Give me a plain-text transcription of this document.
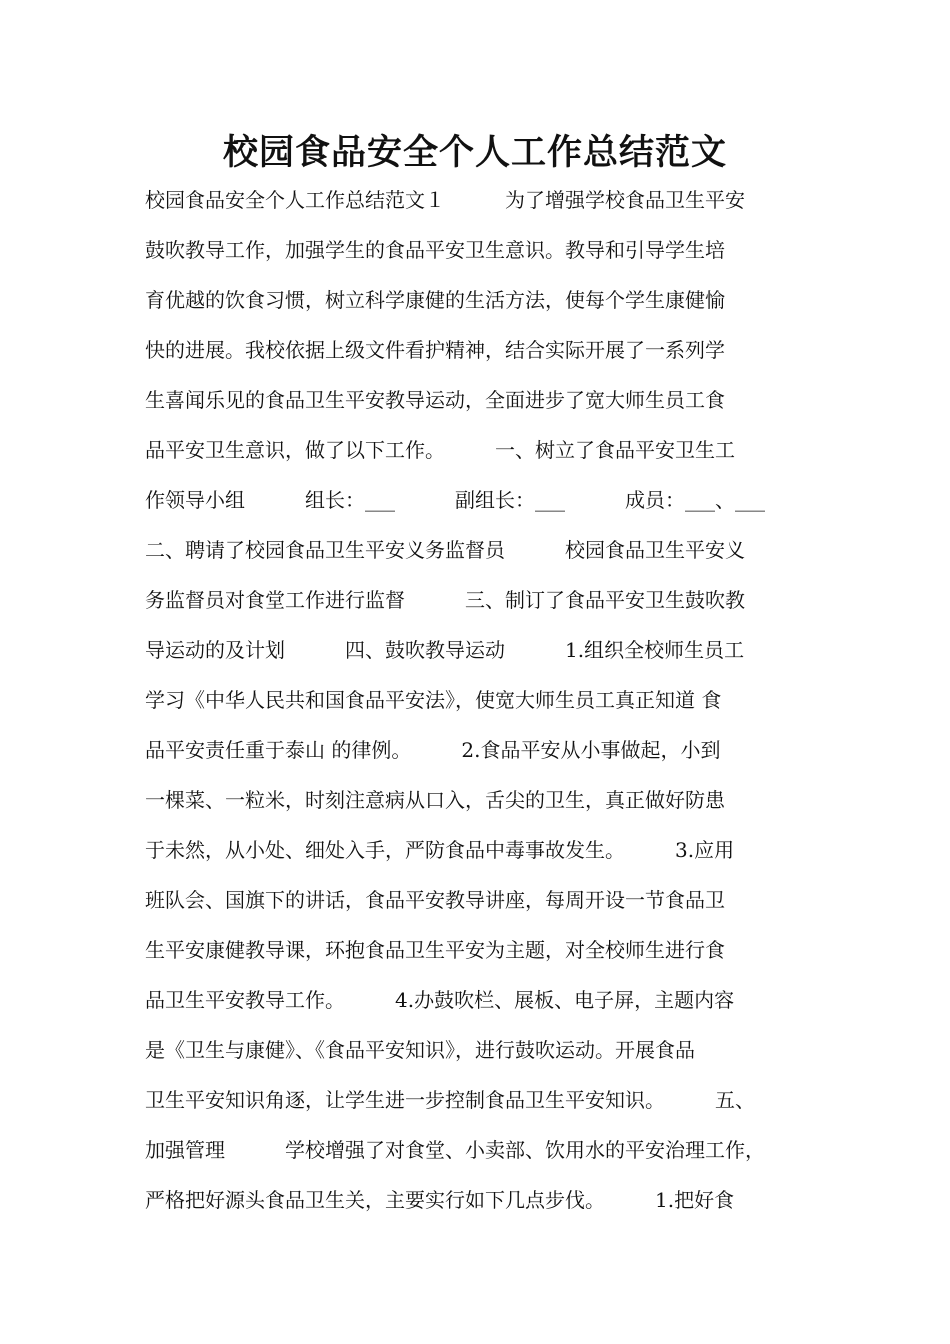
校园食品安全个人工作总结范文
校园食品安全个人工作总结范文１　　　为了增强学校食品卫生平安
鼓吹教导工作，加强学生的食品平安卫生意识。教导和引导学生培
育优越的饮食习惯，树立科学康健的生活方法，使每个学生康健愉
快的进展。我校依据上级文件看护精神，结合实际开展了一系列学
生喜闻乐见的食品卫生平安教导运动，全面进步了宽大师生员工食
品平安卫生意识，做了以下工作。　　　一、树立了食品平安卫生工
作领导小组　　　组长：___　　　副组长：___　　　成员：___、___
二、聘请了校园食品卫生平安义务监督员　　　校园食品卫生平安义
务监督员对食堂工作进行监督　　　三、制订了食品平安卫生鼓吹教
导运动的及计划　　　四、鼓吹教导运动　　　1.组织全校师生员工
学习《中华人民共和国食品平安法》，使宽大师生员工真正知道 食
品平安责任重于泰山 的律例。　　　2.食品平安从小事做起，小到
一棵菜、一粒米，时刻注意病从口入，舌尖的卫生，真正做好防患
于未然，从小处、细处入手，严防食品中毒事故发生。　　　3.应用
班队会、国旗下的讲话，食品平安教导讲座，每周开设一节食品卫
生平安康健教导课，环抱食品卫生平安为主题，对全校师生进行食
品卫生平安教导工作。　　　4.办鼓吹栏、展板、电子屏，主题内容
是《卫生与康健》、《食品平安知识》，进行鼓吹运动。开展食品
卫生平安知识角逐，让学生进一步控制食品卫生平安知识。　　　五、
加强管理　　　学校增强了对食堂、小卖部、饮用水的平安治理工作，
严格把好源头食品卫生关，主要实行如下几点步伐。　　　1.把好食
